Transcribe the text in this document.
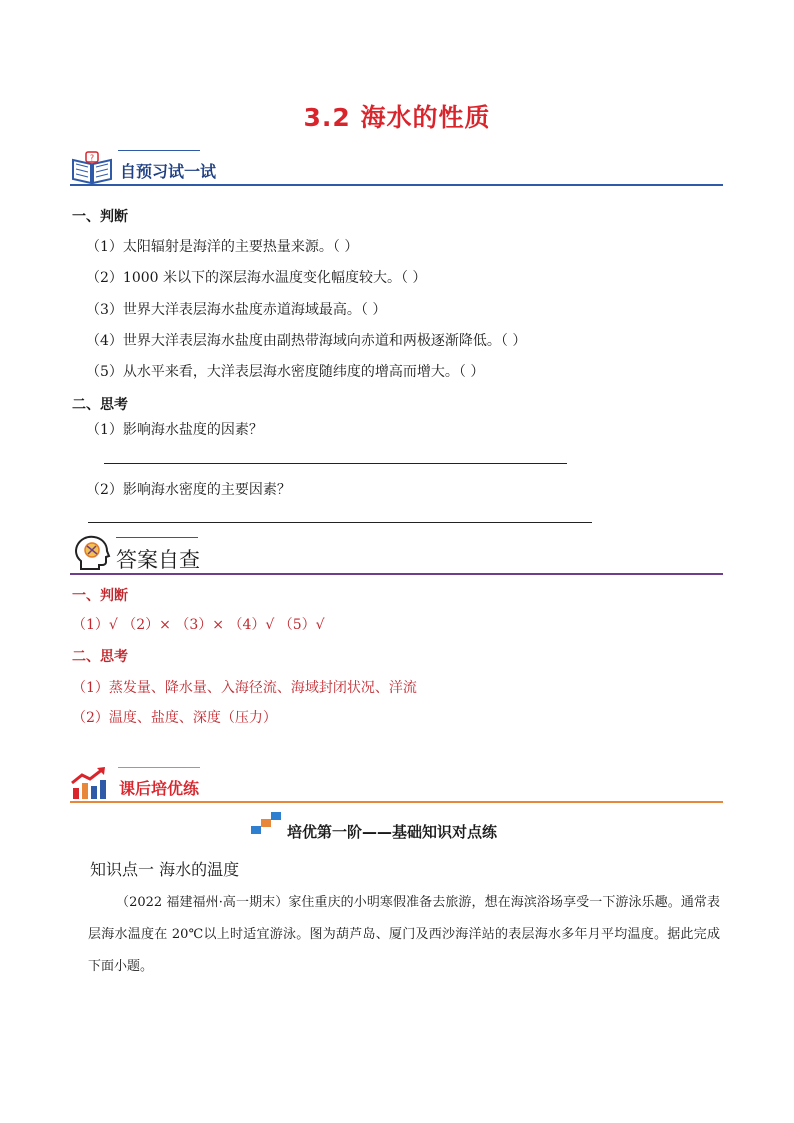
3.2 海水的性质
?
自预习试一试
一、判断
（1）太阳辐射是海洋的主要热量来源。（ ）
（2）1000 米以下的深层海水温度变化幅度较大。（ ）
（3）世界大洋表层海水盐度赤道海域最高。（ ）
（4）世界大洋表层海水盐度由副热带海域向赤道和两极逐渐降低。（ ）
（5）从水平来看，大洋表层海水密度随纬度的增高而增大。（ ）
二、思考
（1）影响海水盐度的因素？
（2）影响海水密度的主要因素？
答案自查
一、判断
（1）√ （2）× （3）× （4）√ （5）√
二、思考
（1）蒸发量、降水量、入海径流、海域封闭状况、洋流
（2）温度、盐度、深度（压力）
课后培优练
培优第一阶——基础知识对点练
知识点一 海水的温度
（2022 福建福州·高一期末）家住重庆的小明寒假准备去旅游，想在海滨浴场享受一下游泳乐趣。通常表层海水温度在 20℃以上时适宜游泳。图为葫芦岛、厦门及西沙海洋站的表层海水多年月平均温度。据此完成下面小题。
